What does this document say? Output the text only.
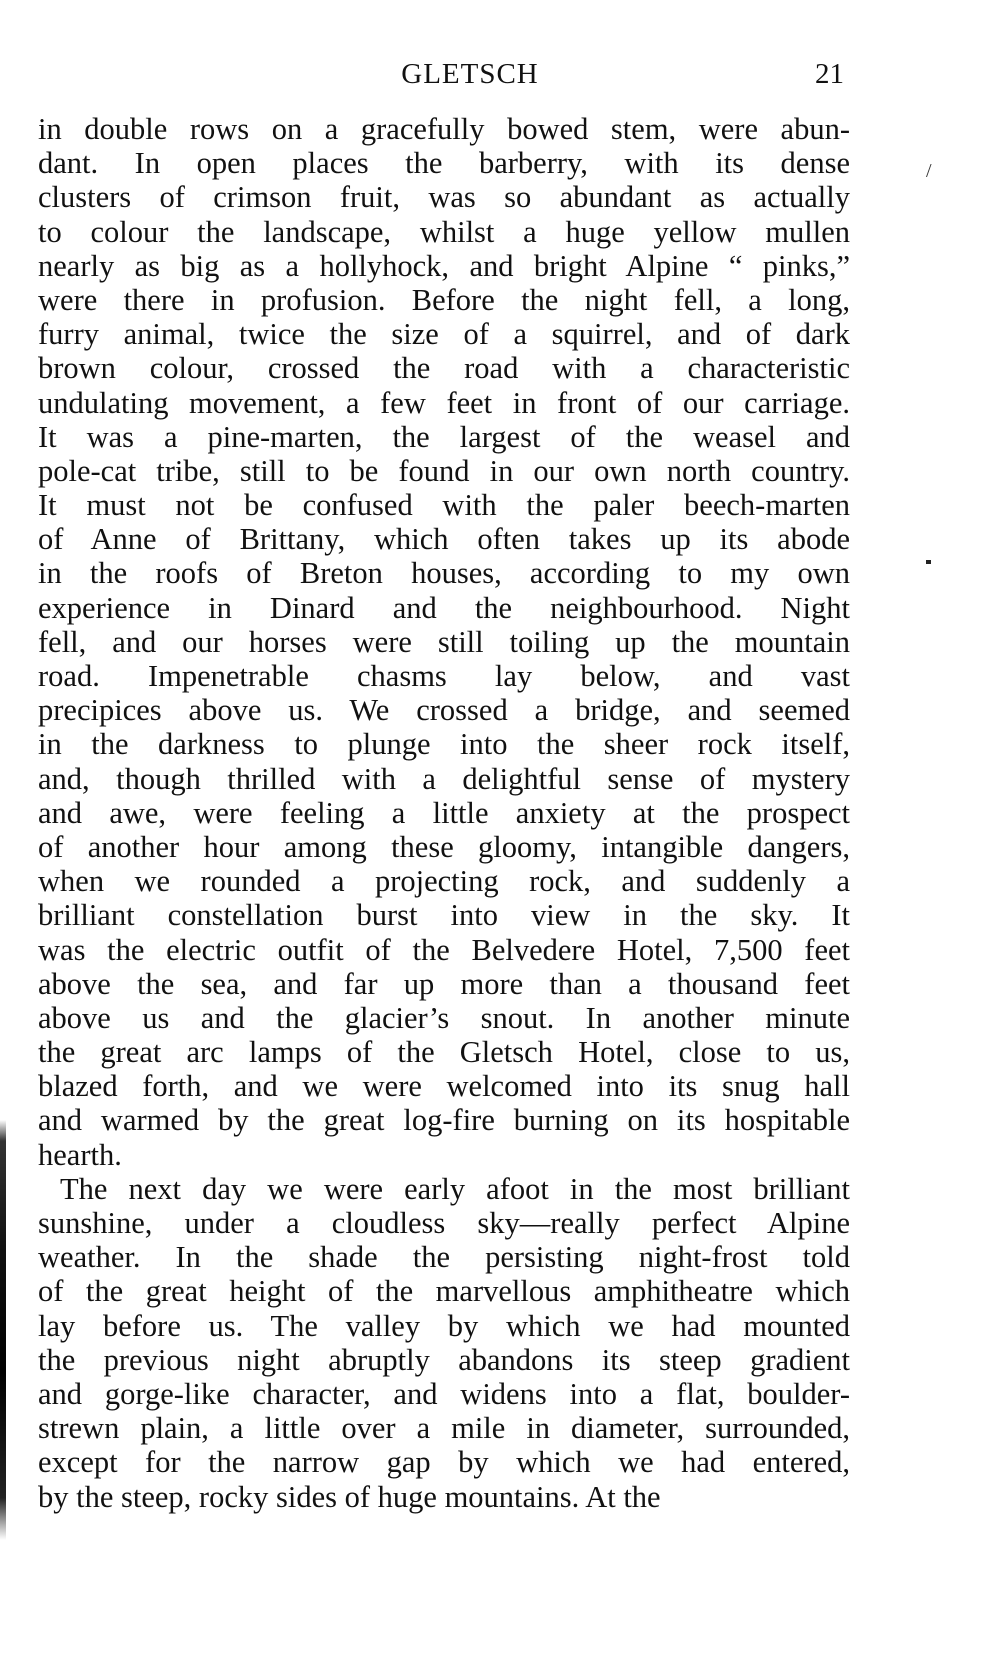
GLETSCH	21
in double rows on a gracefully bowed stem, were abun-
dant. In open places the barberry, with its dense
clusters of crimson fruit, was so abundant as actually
to colour the landscape, whilst a huge yellow mullen
nearly as big as a hollyhock, and bright Alpine “ pinks,”
were there in profusion. Before the night fell, a long,
furry animal, twice the size of a squirrel, and of dark
brown colour, crossed the road with a characteristic
undulating movement, a few feet in front of our carriage.
It was a pine-marten, the largest of the weasel and
pole-cat tribe, still to be found in our own north country.
It must not be confused with the paler beech-marten
of Anne of Brittany, which often takes up its abode
in the roofs of Breton houses, according to my own
experience in Dinard and the neighbourhood. Night
fell, and our horses were still toiling up the mountain
road. Impenetrable chasms lay below, and vast
precipices above us. We crossed a bridge, and seemed
in the darkness to plunge into the sheer rock itself,
and, though thrilled with a delightful sense of mystery
and awe, were feeling a little anxiety at the prospect
of another hour among these gloomy, intangible dangers,
when we rounded a projecting rock, and suddenly a
brilliant constellation burst into view in the sky. It
was the electric outfit of the Belvedere Hotel, 7,500 feet
above the sea, and far up more than a thousand feet
above us and the glacier’s snout. In another minute
the great arc lamps of the Gletsch Hotel, close to us,
blazed forth, and we were welcomed into its snug hall
and warmed by the great log-fire burning on its hospitable
hearth.
The next day we were early afoot in the most brilliant
sunshine, under a cloudless sky—really perfect Alpine
weather. In the shade the persisting night-frost told
of the great height of the marvellous amphitheatre which
lay before us. The valley by which we had mounted
the previous night abruptly abandons its steep gradient
and gorge-like character, and widens into a flat, boulder-
strewn plain, a little over a mile in diameter, surrounded,
except for the narrow gap by which we had entered,
by the steep, rocky sides of huge mountains. At the
/
